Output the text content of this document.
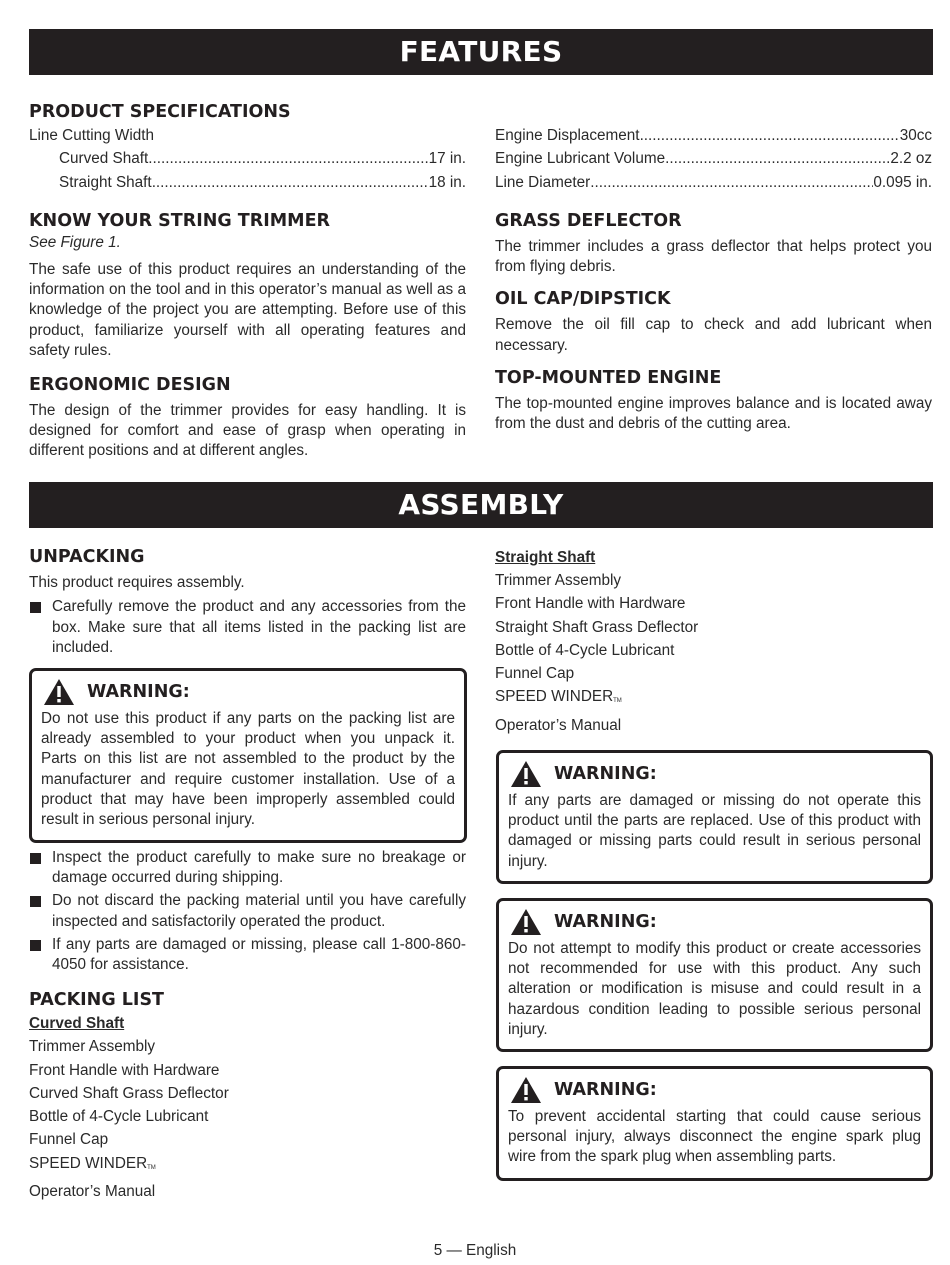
FEATURES
PRODUCT SPECIFICATIONS
Line Cutting Width
Curved Shaft .....	17 in.
Straight Shaft .....	18 in.
KNOW YOUR STRING TRIMMER

See Figure 1.

The safe use of this product requires an understanding of the information on the tool and in this operator’s manual as well as a knowledge of the project you are attempting. Before use of this product, familiarize yourself with all operating features and safety rules.

ERGONOMIC DESIGN

The design of the trimmer provides for easy handling. It is designed for comfort and ease of grasp when operating in different positions and at different angles.

Engine Displacement .....	30cc
Engine Lubricant Volume .....	2.2 oz
Line Diameter .....	0.095 in.
GRASS DEFLECTOR

The trimmer includes a grass deflector that helps protect you from flying debris.

OIL CAP/DIPSTICK

Remove the oil fill cap to check and add lubricant when necessary.

TOP-MOUNTED ENGINE

The top-mounted engine improves balance and is located away from the dust and debris of the cutting area.

ASSEMBLY
UNPACKING

This product requires assembly.

Carefully remove the product and any accessories from the box. Make sure that all items listed in the packing list are included.
WARNING:
Do not use this product if any parts on the packing list are already assembled to your product when you unpack it. Parts on this list are not assembled to the product by the manufacturer and require customer installation. Use of a product that may have been improperly assembled could result in serious personal injury.
Inspect the product carefully to make sure no breakage or damage occurred during shipping.
Do not discard the packing material until you have carefully inspected and satisfactorily operated the product.
If any parts are damaged or missing, please call 1-800-860-4050 for assistance.
PACKING LIST

Curved Shaft

Trimmer Assembly
Front Handle with Hardware
Curved Shaft Grass Deflector
Bottle of 4-Cycle Lubricant
Funnel Cap
SPEED WINDERTM
Operator’s Manual

Straight Shaft

Trimmer Assembly
Front Handle with Hardware
Straight Shaft Grass Deflector
Bottle of 4-Cycle Lubricant
Funnel Cap
SPEED WINDERTM
Operator’s Manual
WARNING:
If any parts are damaged or missing do not operate this product until the parts are replaced. Use of this product with damaged or missing parts could result in serious personal injury.
WARNING:
Do not attempt to modify this product or create accessories not recommended for use with this product. Any such alteration or modification is misuse and could result in a hazardous condition leading to possible serious personal injury.
WARNING:
To prevent accidental starting that could cause serious personal injury, always disconnect the engine spark plug wire from the spark plug when assembling parts.
5 — English
